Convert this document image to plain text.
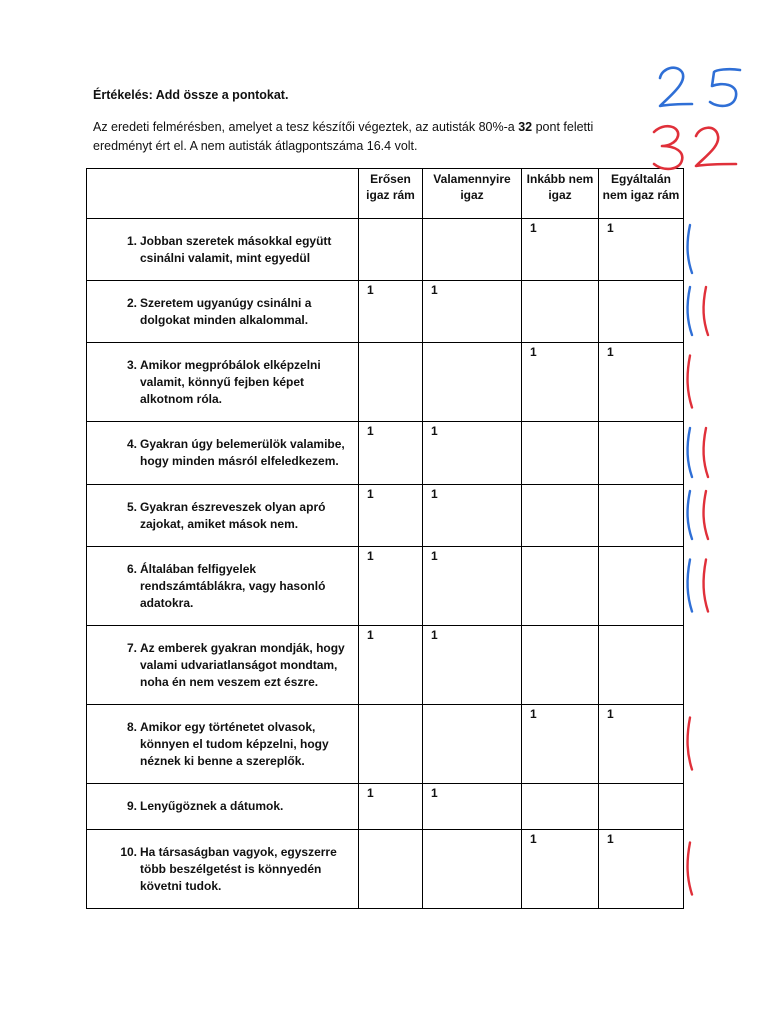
Értékelés: Add össze a pontokat.
Az eredeti felmérésben, amelyet a tesz készítői végeztek, az autisták 80%-a 32 pont feletti eredményt ért el. A nem autisták átlagpontszáma 16.4 volt.
	Erősen igaz rám	Valamennyire igaz	Inkább nem igaz	Egyáltalán nem igaz rám

1. Jobban szeretek másokkal együtt csinálni valamit, mint egyedül			1	1

2. Szeretem ugyanúgy csinálni a dolgokat minden alkalommal.	1	1		

3. Amikor megpróbálok elképzelni valamit, könnyű fejben képet alkotnom róla.			1	1

4. Gyakran úgy belemerülök valamibe, hogy minden másról elfeledkezem.	1	1		

5. Gyakran észreveszek olyan apró zajokat, amiket mások nem.	1	1		

6. Általában felfigyelek rendszámtáblákra, vagy hasonló adatokra.	1	1		

7. Az emberek gyakran mondják, hogy valami udvariatlanságot mondtam, noha én nem veszem ezt észre.	1	1		

8. Amikor egy történetet olvasok, könnyen el tudom képzelni, hogy néznek ki benne a szereplők.			1	1

9. Lenyűgöznek a dátumok.	1	1		

10. Ha társaságban vagyok, egyszerre több beszélgetést is könnyedén követni tudok.			1	1
